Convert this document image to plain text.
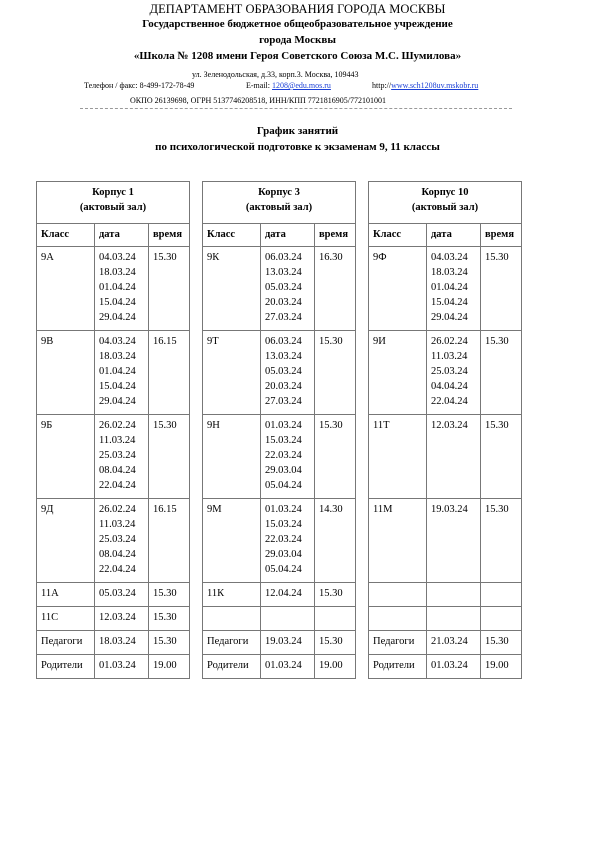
ДЕПАРТАМЕНТ ОБРАЗОВАНИЯ ГОРОДА МОСКВЫ
Государственное бюджетное общеобразовательное учреждение
города Москвы
«Школа № 1208 имени Героя Советского Союза М.С. Шумилова»
ул. Зеленодольская, д.33, корп.3. Москва, 109443
Телефон / факс: 8-499-172-78-49	E-mail: 1208@edu.mos.ru	http://www.sch1208uv.mskobr.ru
ОКПО 26139698, ОГРН 5137746208518, ИНН/КПП 7721816905/772101001
График занятий
по психологической подготовке к экзаменам 9, 11 классы
Корпус 1
(актовый зал)		

Класс	дата	время
9А	04.03.24
18.03.24
01.04.24
15.04.24
29.04.24	15.30
9В	04.03.24
18.03.24
01.04.24
15.04.24
29.04.24	16.15
9Б	26.02.24
11.03.24
25.03.24
08.04.24
22.04.24	15.30
9Д	26.02.24
11.03.24
25.03.24
08.04.24
22.04.24	16.15
11А	05.03.24	15.30
11С	12.03.24	15.30
Педагоги	18.03.24	15.30
Родители	01.03.24	19.00
Корпус 3
(актовый зал)		

Класс	дата	время
9К	06.03.24
13.03.24
05.03.24
20.03.24
27.03.24	16.30
9Т	06.03.24
13.03.24
05.03.24
20.03.24
27.03.24	15.30
9Н	01.03.24
15.03.24
22.03.24
29.03.04
05.04.24	15.30
9М	01.03.24
15.03.24
22.03.24
29.03.04
05.04.24	14.30
11К	12.04.24	15.30

Педагоги	19.03.24	15.30
Родители	01.03.24	19.00
Корпус 10
(актовый зал)		

Класс	дата	время
9Ф	04.03.24
18.03.24
01.04.24
15.04.24
29.04.24	15.30
9И	26.02.24
11.03.24
25.03.24
04.04.24
22.04.24	15.30
11Т	12.03.24	15.30
11М	19.03.24	15.30

Педагоги	21.03.24	15.30
Родители	01.03.24	19.00
